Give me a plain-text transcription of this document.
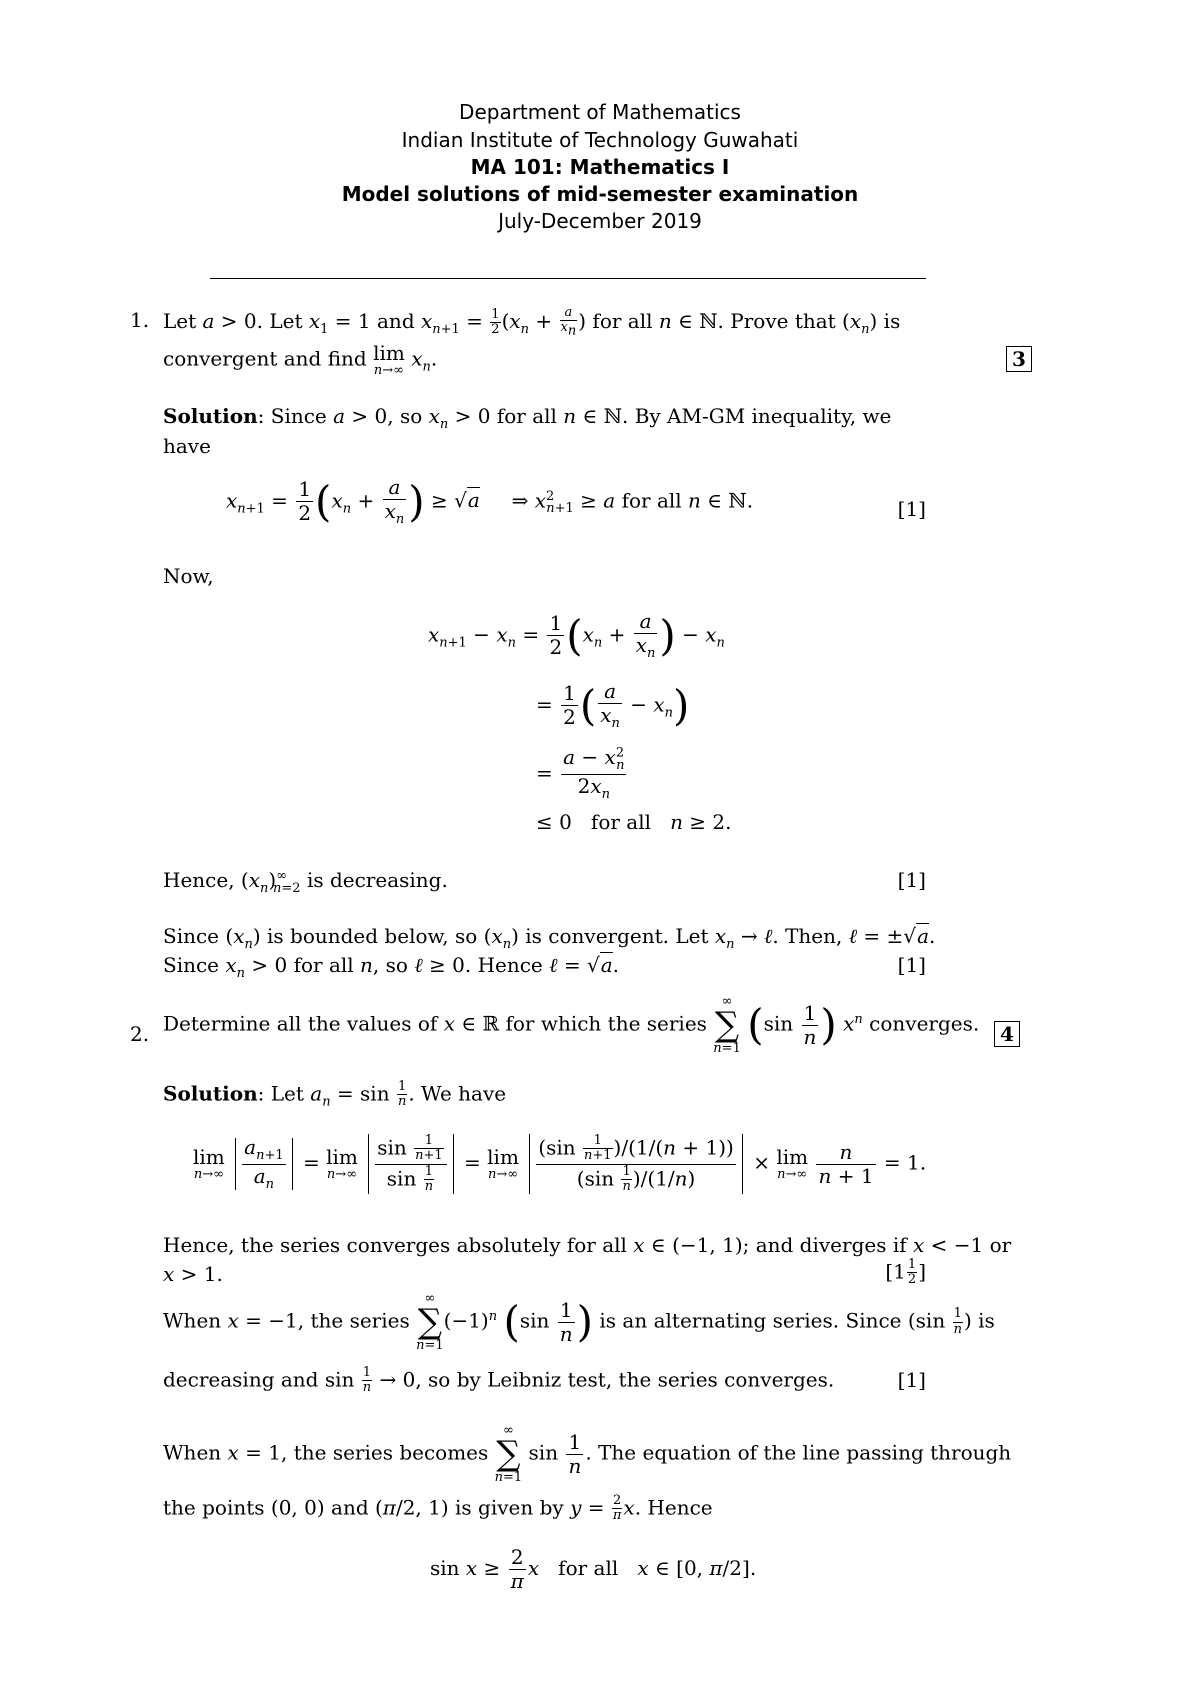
Department of Mathematics
Indian Institute of Technology Guwahati
MA 101: Mathematics I
Model solutions of mid-semester examination
July-December 2019
1. Let a > 0. Let $x_1 = 1$ and $x_{n+1} = \frac{1}{2} (x_n + \frac{a}{x_n}$ ) for all n ∈ ℕ. Prove that $(x_n)$ is
convergent and find lim
n→∞ $x_n$.	3
Solution: Since a > 0, so $x_n > 0$ for all n ∈ ℕ. By AM-GM inequality, we
have
$x_{n+1} = \frac{1}{2} (x_n + \frac{a}{x_n}$ ) ≥ √a     ⇒ $x^2_{n+1} \ge a$ for all n ∈ ℕ.	[1]
Now,
$x_{n+1} - x_n = \frac{1}{2} (x_n + \frac{a}{x_n}$ ) − $x_n$
= $\frac{1}{2}$ ( $\frac{a}{x_n} - x_n$)
= $\frac{a - x^2_n}{2x_n}$
≤ 0   for all   n ≥ 2.
Hence, $(x_n)^\infty_{n=2}$ is decreasing.	[1]
Since $(x_n)$ is bounded below, so $(x_n)$ is convergent. Let $x_n$ → ℓ. Then, ℓ = ±√a.
Since $x_n > 0$ for all n, so ℓ ≥ 0. Hence ℓ = √a.	[1]
2. Determine all the values of x ∈ ℝ for which the series
∞
∑
n=1 ($\sin \frac{1}{n}$ ) $x^n$ converges.	4
Solution: Let $a_n = \sin \frac{1}{n}$ . We have
lim
n→∞
$\frac{a_{n+1}}{a_n} = \lim$
n→∞
$\frac{\sin \frac{1}{n+1}}{\sin \frac{1}{n}} = \lim$
n→∞
$\frac{(\sin \frac{1}{n+1} )/(1/(n + 1))}{(\sin \frac{1}{n} )/(1/n)} \times \lim$
n→∞
$\frac{n}{n + 1} = 1$.
Hence, the series converges absolutely for all x ∈ (−1, 1); and diverges if x < −1 or
x > 1.	[$1 \frac{1}{2}$ ]
When x = −1, the series
∞
∑
n=1
$(-1)^n$ ($\sin \frac{1}{n}$ ) is an alternating series. Since ($\sin \frac{1}{n}$ ) is
decreasing and $\sin \frac{1}{n} \to 0$, so by Leibniz test, the series converges.	[1]
When x = 1, the series becomes
∞
∑
n=1
$\sin \frac{1}{n}$ . The equation of the line passing through
the points (0, 0) and (π/2, 1) is given by $y = \frac{2}{\pi} x$. Hence
$\sin x \ge \frac{2}{\pi}$ x   for all   x ∈ [0, π/2].
